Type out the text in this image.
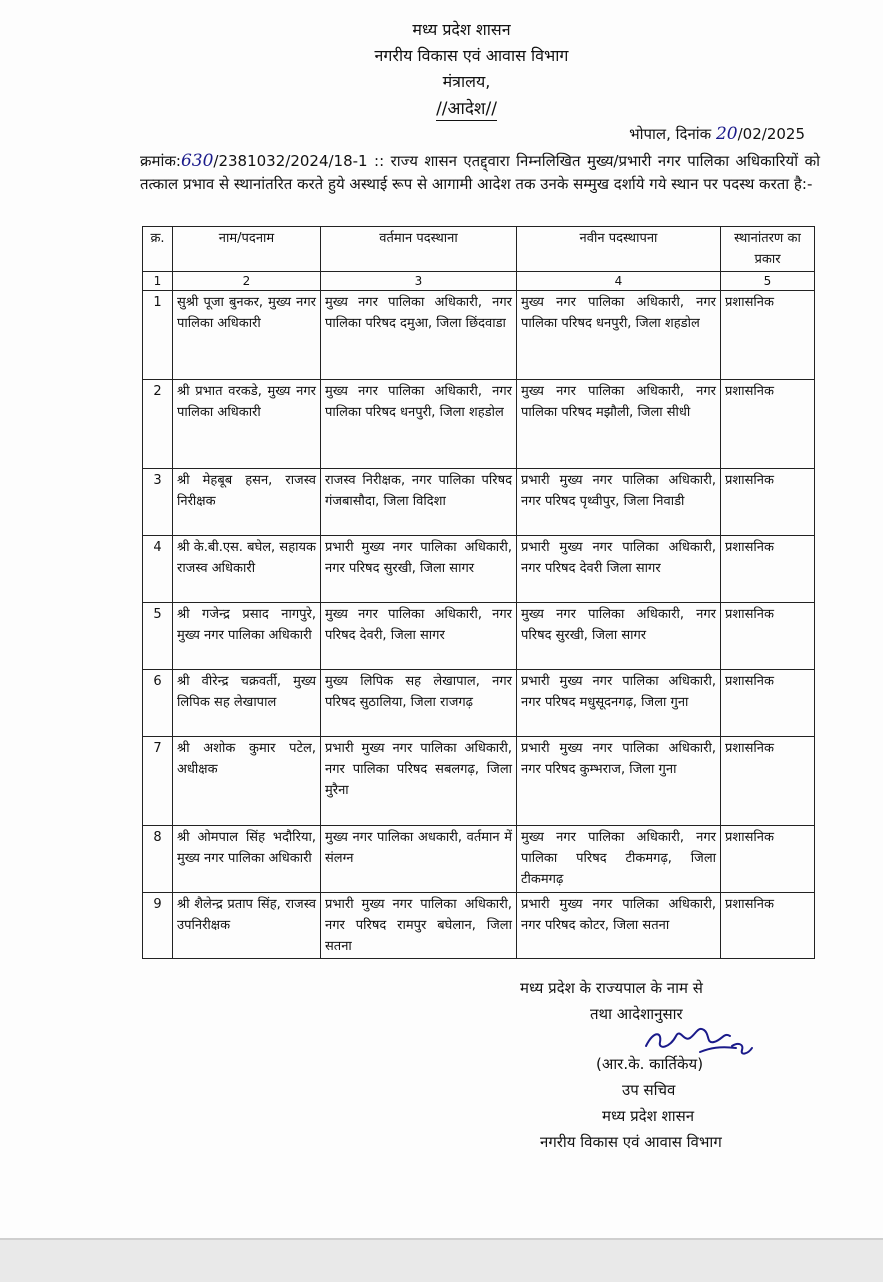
मध्य प्रदेश शासन
नगरीय विकास एवं आवास विभाग
मंत्रालय,
//आदेश//
भोपाल, दिनांक 20/02/2025
क्रमांक:630/2381032/2024/18-1 :: राज्य शासन एतद्द्वारा निम्नलिखित मुख्य/प्रभारी नगर पालिका अधिकारियों को तत्काल प्रभाव से स्थानांतरित करते हुये अस्थाई रूप से आगामी आदेश तक उनके सम्मुख दर्शाये गये स्थान पर पदस्थ करता है:-
क्र.	नाम/पदनाम	वर्तमान पदस्थाना	नवीन पदस्थापना	स्थानांतरण का प्रकार
1	2	3	4	5
1	सुश्री पूजा बुनकर, मुख्य नगर पालिका अधिकारी	मुख्य नगर पालिका अधिकारी, नगर पालिका परिषद दमुआ, जिला छिंदवाडा	मुख्य नगर पालिका अधिकारी, नगर पालिका परिषद धनपुरी, जिला शहडोल	प्रशासनिक
2	श्री प्रभात वरकडे, मुख्य नगर पालिका अधिकारी	मुख्य नगर पालिका अधिकारी, नगर पालिका परिषद धनपुरी, जिला शहडोल	मुख्य नगर पालिका अधिकारी, नगर पालिका परिषद मझौली, जिला सीधी	प्रशासनिक
3	श्री मेहबूब हसन, राजस्व निरीक्षक	राजस्व निरीक्षक, नगर पालिका परिषद गंजबासौदा, जिला विदिशा	प्रभारी मुख्य नगर पालिका अधिकारी, नगर परिषद पृथ्वीपुर, जिला निवाडी	प्रशासनिक
4	श्री के.बी.एस. बघेल, सहायक राजस्व अधिकारी	प्रभारी मुख्य नगर पालिका अधिकारी, नगर परिषद सुरखी, जिला सागर	प्रभारी मुख्य नगर पालिका अधिकारी, नगर परिषद देवरी जिला सागर	प्रशासनिक
5	श्री गजेन्द्र प्रसाद नागपुरे, मुख्य नगर पालिका अधिकारी	मुख्य नगर पालिका अधिकारी, नगर परिषद देवरी, जिला सागर	मुख्य नगर पालिका अधिकारी, नगर परिषद सुरखी, जिला सागर	प्रशासनिक
6	श्री वीरेन्द्र चक्रवर्ती, मुख्य लिपिक सह लेखापाल	मुख्य लिपिक सह लेखापाल, नगर परिषद सुठालिया, जिला राजगढ़	प्रभारी मुख्य नगर पालिका अधिकारी, नगर परिषद मधुसूदनगढ़, जिला गुना	प्रशासनिक
7	श्री अशोक कुमार पटेल, अधीक्षक	प्रभारी मुख्य नगर पालिका अधिकारी, नगर पालिका परिषद सबलगढ़, जिला मुरैना	प्रभारी मुख्य नगर पालिका अधिकारी, नगर परिषद कुम्भराज, जिला गुना	प्रशासनिक
8	श्री ओमपाल सिंह भदौरिया, मुख्य नगर पालिका अधिकारी	मुख्य नगर पालिका अधकारी, वर्तमान में संलग्न	मुख्य नगर पालिका अधिकारी, नगर पालिका परिषद टीकमगढ़, जिला टीकमगढ़	प्रशासनिक
9	श्री शैलेन्द्र प्रताप सिंह, राजस्व उपनिरीक्षक	प्रभारी मुख्य नगर पालिका अधिकारी, नगर परिषद रामपुर बघेलान, जिला सतना	प्रभारी मुख्य नगर पालिका अधिकारी, नगर परिषद कोटर, जिला सतना	प्रशासनिक
मध्य प्रदेश के राज्यपाल के नाम से
तथा आदेशानुसार
(आर.के. कार्तिकेय)
उप सचिव
मध्य प्रदेश शासन
नगरीय विकास एवं आवास विभाग
